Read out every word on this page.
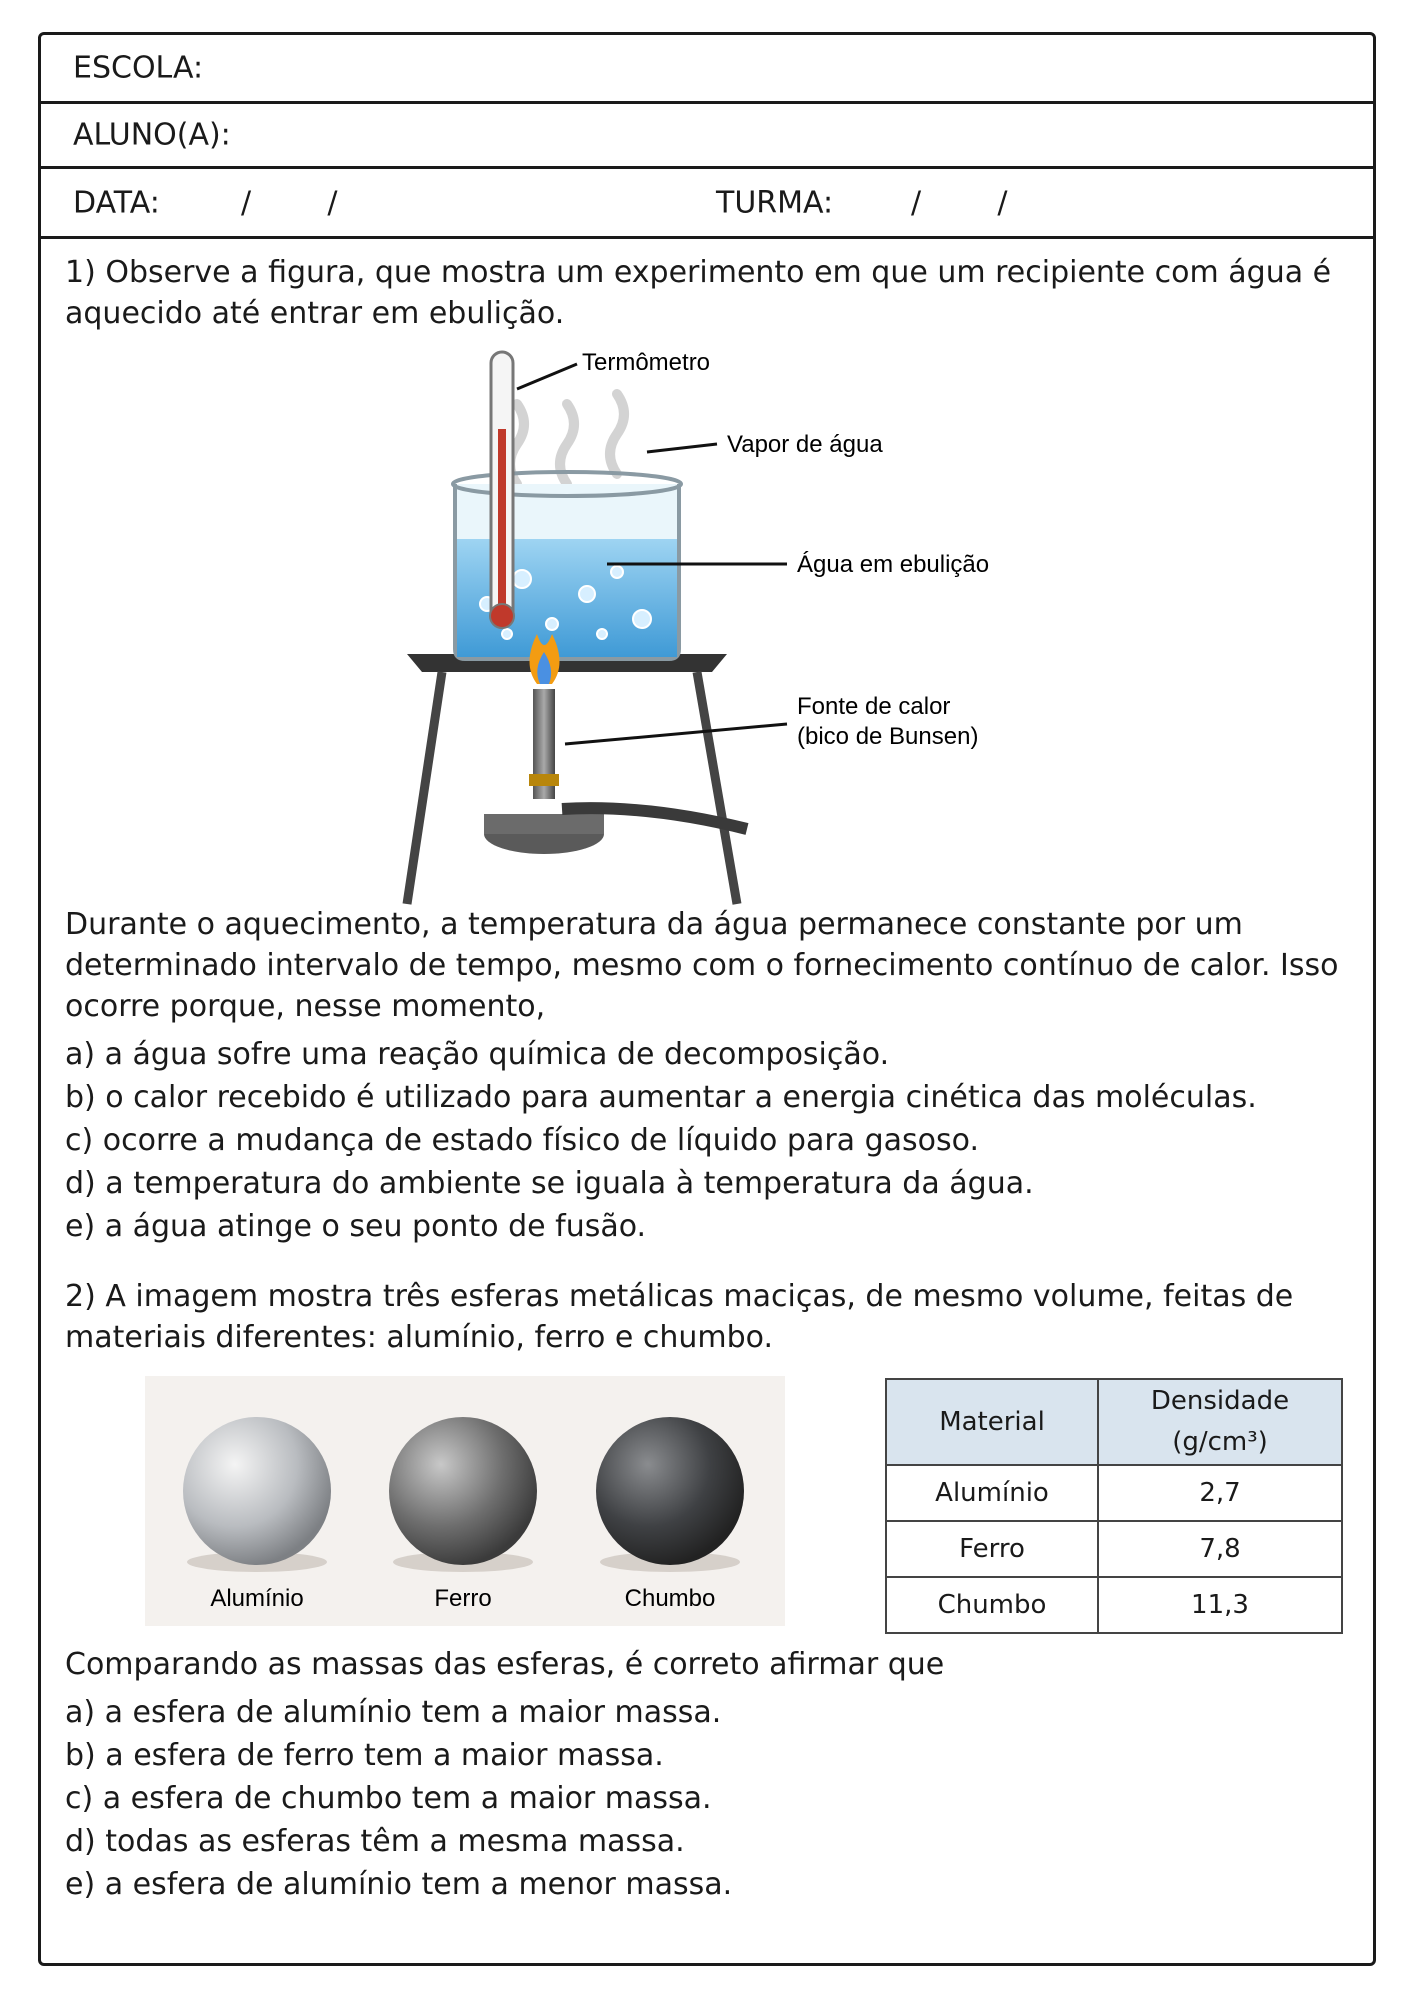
ESCOLA:
ALUNO(A):
DATA:	/        /	TURMA:	/        /

1) Observe a figura, que mostra um experimento em que um recipiente com água é aquecido até entrar em ebulição.

Termômetro
Vapor de água
Água em ebulição
Fonte de calor
(bico de Bunsen)

Durante o aquecimento, a temperatura da água permanece constante por um determinado intervalo de tempo, mesmo com o fornecimento contínuo de calor. Isso ocorre porque, nesse momento,

a) a água sofre uma reação química de decomposição.

b) o calor recebido é utilizado para aumentar a energia cinética das moléculas.

c) ocorre a mudança de estado físico de líquido para gasoso.

d) a temperatura do ambiente se iguala à temperatura da água.

e) a água atinge o seu ponto de fusão.

2) A imagem mostra três esferas metálicas maciças, de mesmo volume, feitas de materiais diferentes: alumínio, ferro e chumbo.

Alumínio	Ferro	Chumbo
Material	Densidade
(g/cm³)

Alumínio	2,7
Ferro	7,8
Chumbo	11,3

Comparando as massas das esferas, é correto afirmar que

a) a esfera de alumínio tem a maior massa.

b) a esfera de ferro tem a maior massa.

c) a esfera de chumbo tem a maior massa.

d) todas as esferas têm a mesma massa.

e) a esfera de alumínio tem a menor massa.
